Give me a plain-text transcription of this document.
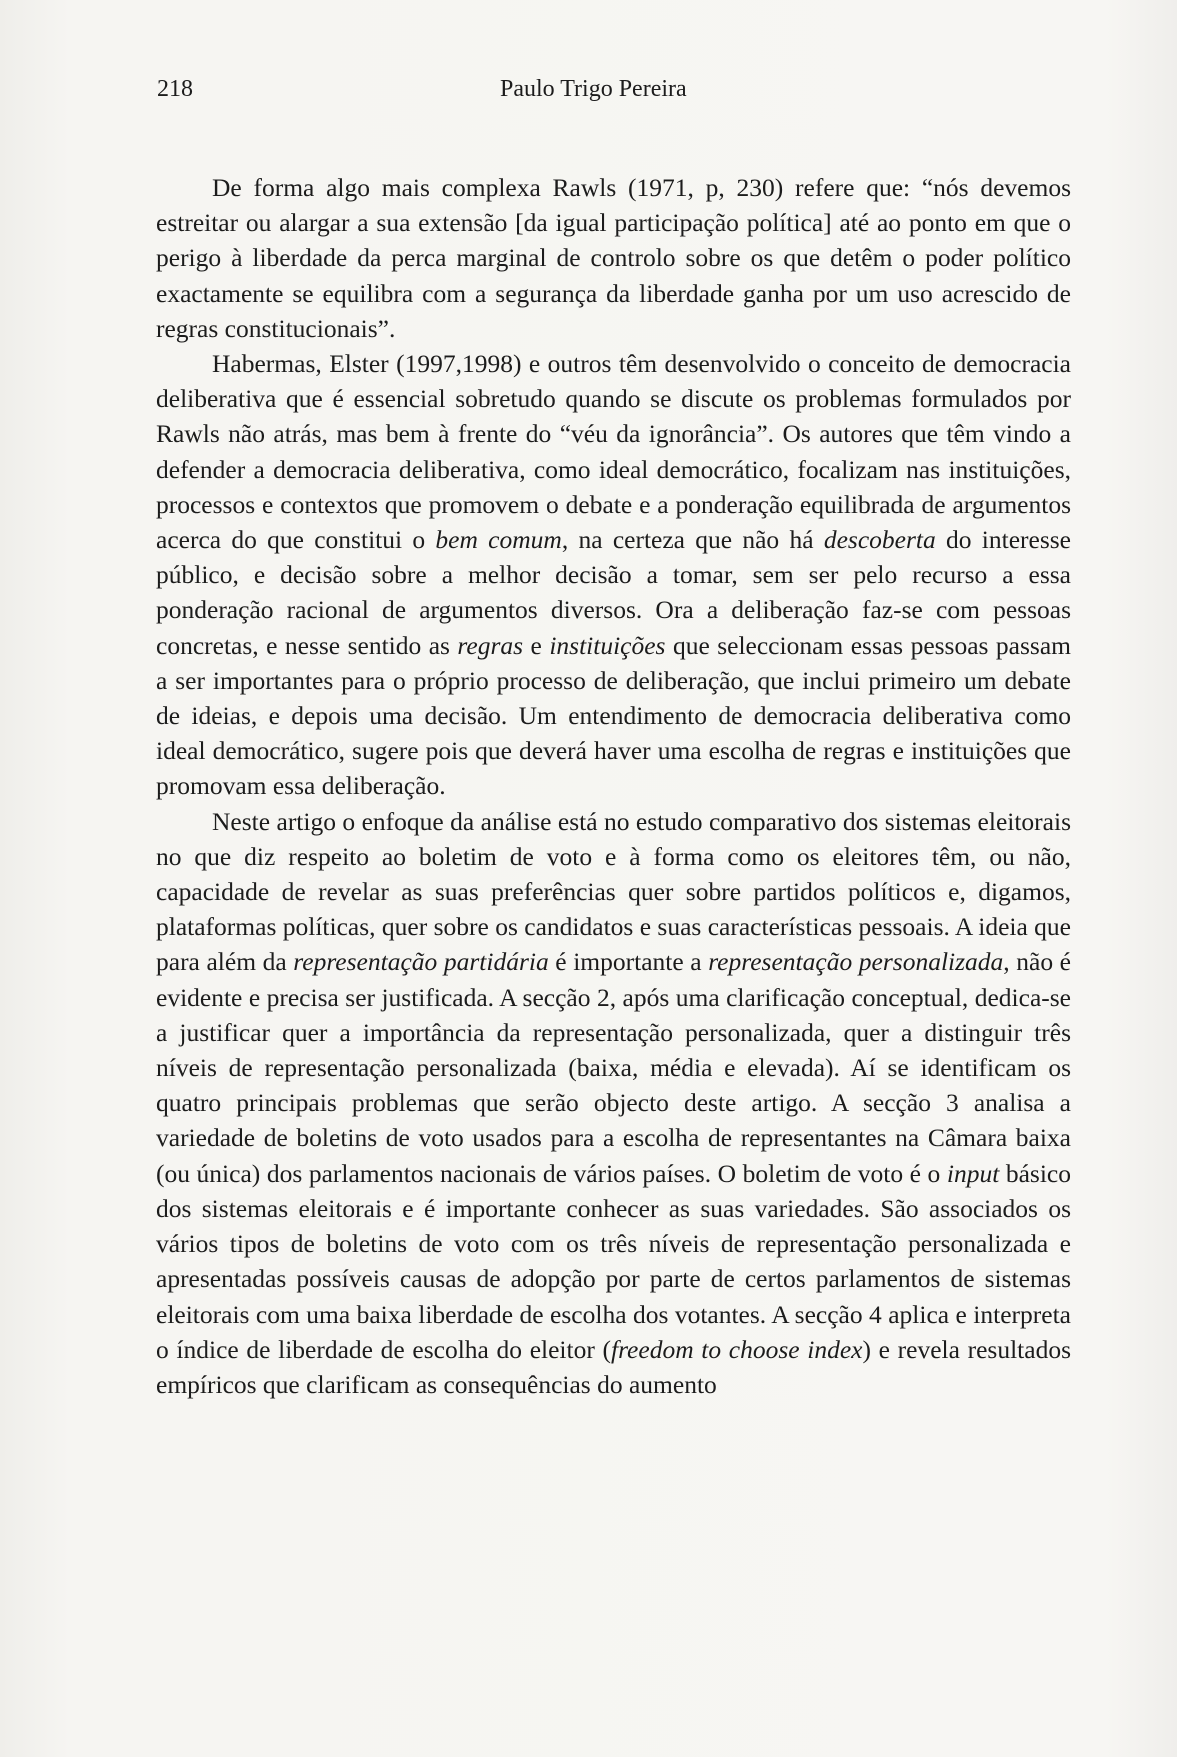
218	Paulo Trigo Pereira

De forma algo mais complexa Rawls (1971, p, 230) refere que: “nós devemos estreitar ou alargar a sua extensão [da igual participação política] até ao ponto em que o perigo à liberdade da perca marginal de controlo sobre os que detêm o poder político exactamente se equilibra com a segurança da liberdade ganha por um uso acrescido de regras constitucionais”.

Habermas, Elster (1997,1998) e outros têm desenvolvido o conceito de democracia deliberativa que é essencial sobretudo quando se discute os problemas formulados por Rawls não atrás, mas bem à frente do “véu da ignorância”. Os autores que têm vindo a defender a democracia deliberativa, como ideal democrático, focalizam nas instituições, processos e contextos que promovem o debate e a ponderação equilibrada de argumentos acerca do que constitui o bem comum, na certeza que não há descoberta do interesse público, e decisão sobre a melhor decisão a tomar, sem ser pelo recurso a essa ponderação racional de argumentos diversos. Ora a deliberação faz-se com pessoas concretas, e nesse sentido as regras e instituições que seleccionam essas pessoas passam a ser importantes para o próprio processo de deliberação, que inclui primeiro um debate de ideias, e depois uma decisão. Um entendimento de democracia deliberativa como ideal democrático, sugere pois que deverá haver uma escolha de regras e instituições que promovam essa deliberação.

Neste artigo o enfoque da análise está no estudo comparativo dos sistemas eleitorais no que diz respeito ao boletim de voto e à forma como os eleitores têm, ou não, capacidade de revelar as suas preferências quer sobre partidos políticos e, digamos, plataformas políticas, quer sobre os candidatos e suas características pessoais. A ideia que para além da representação partidária é importante a representação personalizada, não é evidente e precisa ser justificada. A secção 2, após uma clarificação conceptual, dedica-se a justificar quer a importância da representação personalizada, quer a distinguir três níveis de representação personalizada (baixa, média e elevada). Aí se identificam os quatro principais problemas que serão objecto deste artigo. A secção 3 analisa a variedade de boletins de voto usados para a escolha de representantes na Câmara baixa (ou única) dos parlamentos nacionais de vários países. O boletim de voto é o input básico dos sistemas eleitorais e é importante conhecer as suas variedades. São associados os vários tipos de boletins de voto com os três níveis de representação personalizada e apresentadas possíveis causas de adopção por parte de certos parlamentos de sistemas eleitorais com uma baixa liberdade de escolha dos votantes. A secção 4 aplica e interpreta o índice de liberdade de escolha do eleitor (freedom to choose index) e revela resultados empíricos que clarificam as consequências do aumento
